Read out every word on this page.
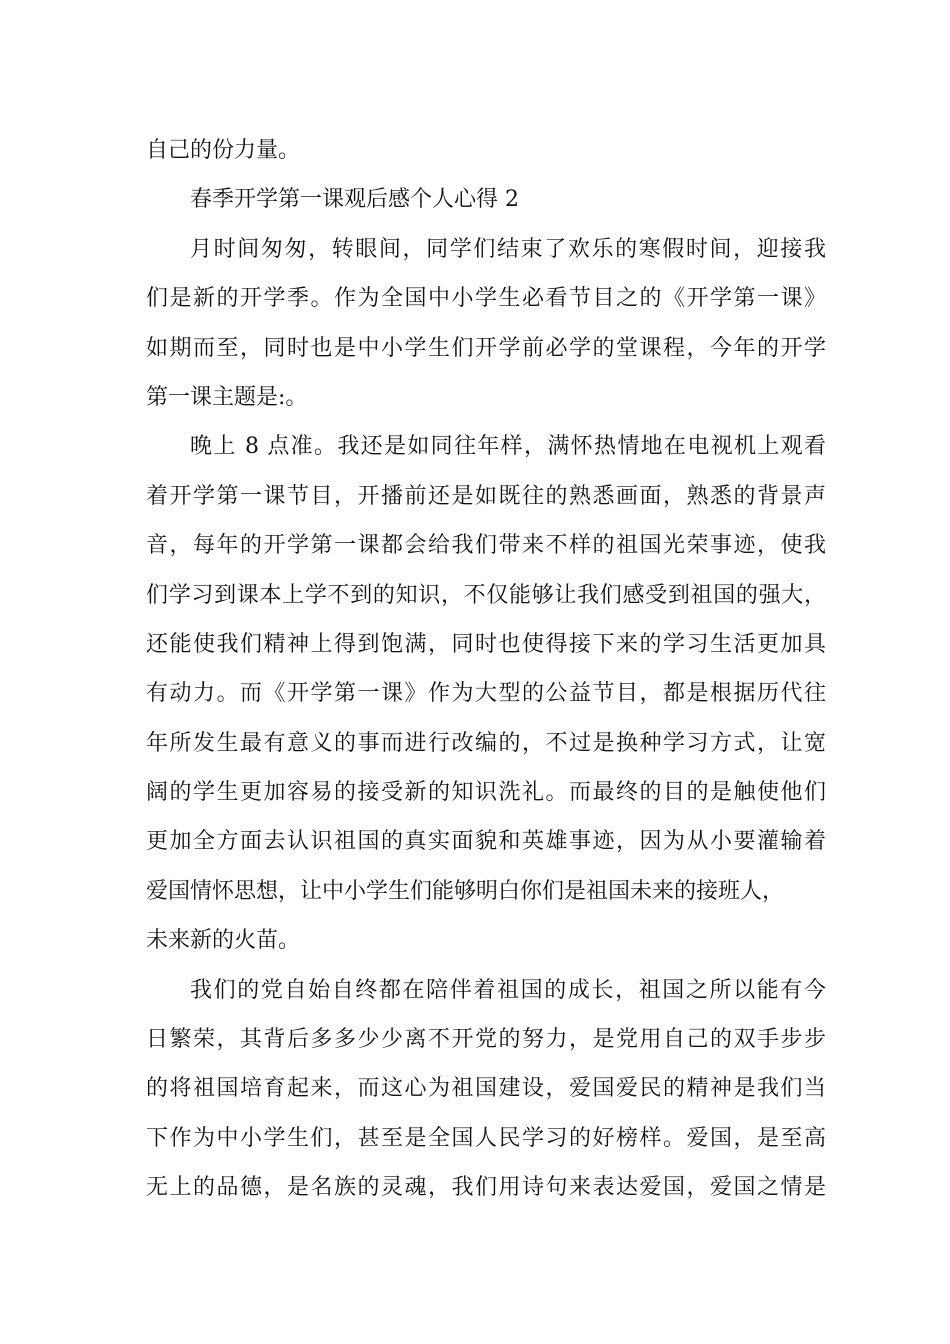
自己的份力量。
春季开学第一课观后感个人心得 2
月时间匆匆，转眼间，同学们结束了欢乐的寒假时间，迎接我
们是新的开学季。作为全国中小学生必看节目之的《开学第一课》
如期而至，同时也是中小学生们开学前必学的堂课程，今年的开学
第一课主题是:。
晚上 8 点准。我还是如同往年样，满怀热情地在电视机上观看
着开学第一课节目，开播前还是如既往的熟悉画面，熟悉的背景声
音，每年的开学第一课都会给我们带来不样的祖国光荣事迹，使我
们学习到课本上学不到的知识，不仅能够让我们感受到祖国的强大，
还能使我们精神上得到饱满，同时也使得接下来的学习生活更加具
有动力。而《开学第一课》作为大型的公益节目，都是根据历代往
年所发生最有意义的事而进行改编的，不过是换种学习方式，让宽
阔的学生更加容易的接受新的知识洗礼。而最终的目的是触使他们
更加全方面去认识祖国的真实面貌和英雄事迹，因为从小要灌输着
爱国情怀思想，让中小学生们能够明白你们是祖国未来的接班人，
未来新的火苗。
我们的党自始自终都在陪伴着祖国的成长，祖国之所以能有今
日繁荣，其背后多多少少离不开党的努力，是党用自己的双手步步
的将祖国培育起来，而这心为祖国建设，爱国爱民的精神是我们当
下作为中小学生们，甚至是全国人民学习的好榜样。爱国，是至高
无上的品德，是名族的灵魂，我们用诗句来表达爱国，爱国之情是
